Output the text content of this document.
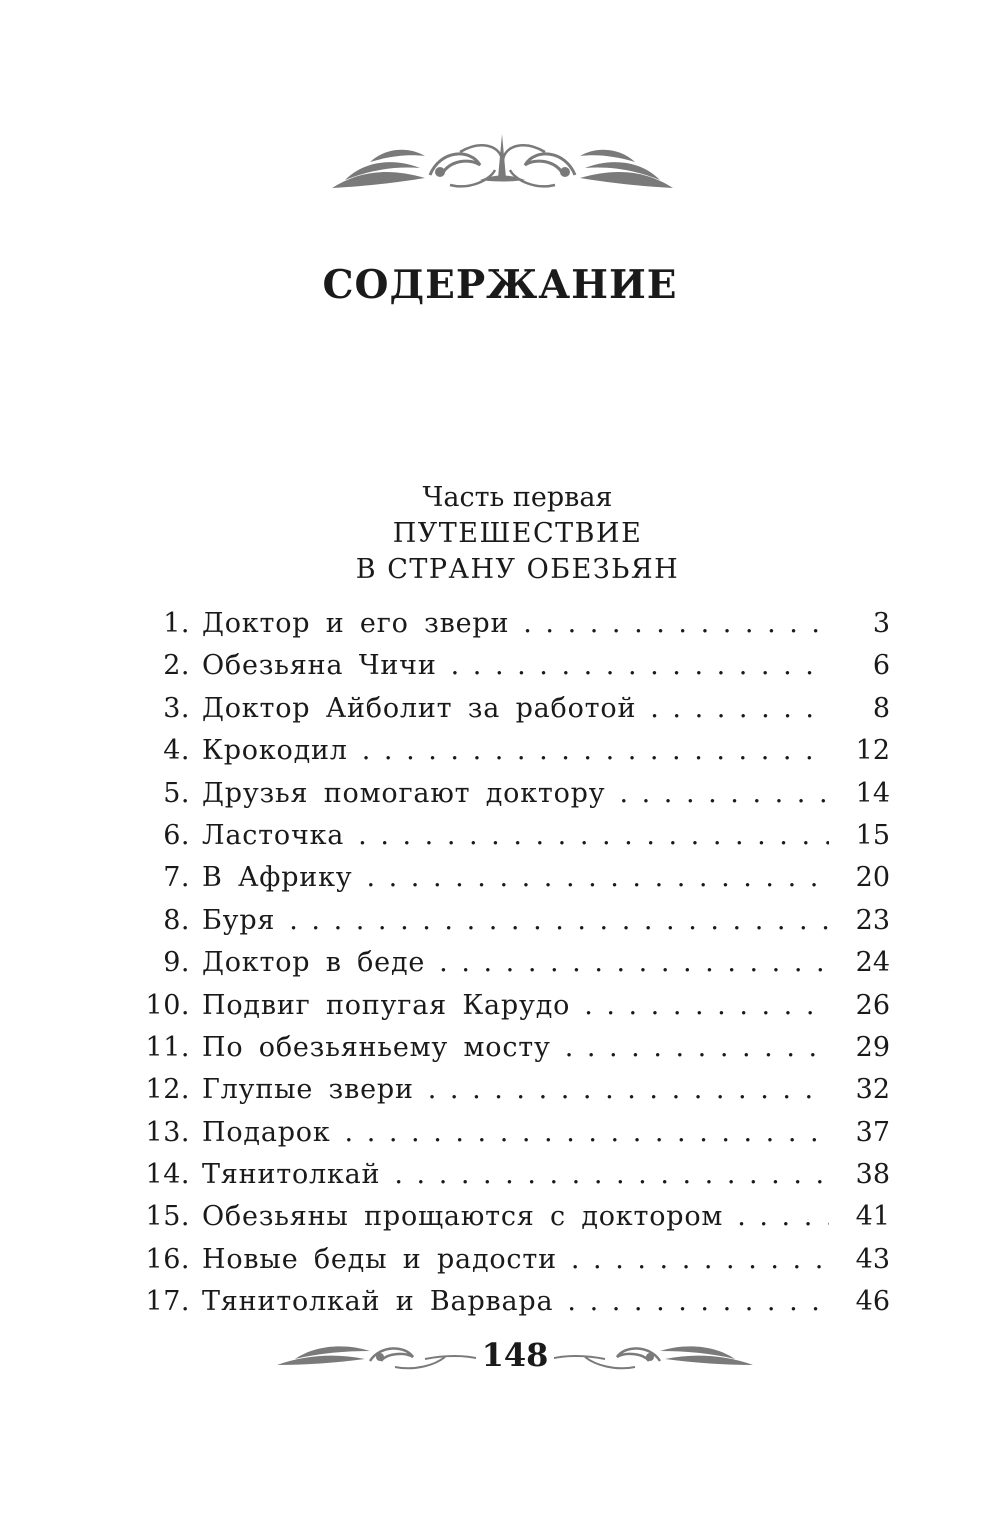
СОДЕРЖАНИЕ
Часть первая
ПУТЕШЕСТВИЕ
В СТРАНУ ОБЕЗЬЯН
1. Доктор и его звери . . .	3
2. Обезьяна Чичи . . .	6
3. Доктор Айболит за работой . . .	8
4. Крокодил . . .	12
5. Друзья помогают доктору . . .	14
6. Ласточка . . .	15
7. В Африку . . .	20
8. Буря . . .	23
9. Доктор в беде . . .	24
10. Подвиг попугая Карудо . . .	26
11. По обезьяньему мосту . . .	29
12. Глупые звери . . .	32
13. Подарок . . .	37
14. Тянитолкай . . .	38
15. Обезьяны прощаются с доктором . . .	41
16. Новые беды и радости . . .	43
17. Тянитолкай и Варвара . . .	46
148
